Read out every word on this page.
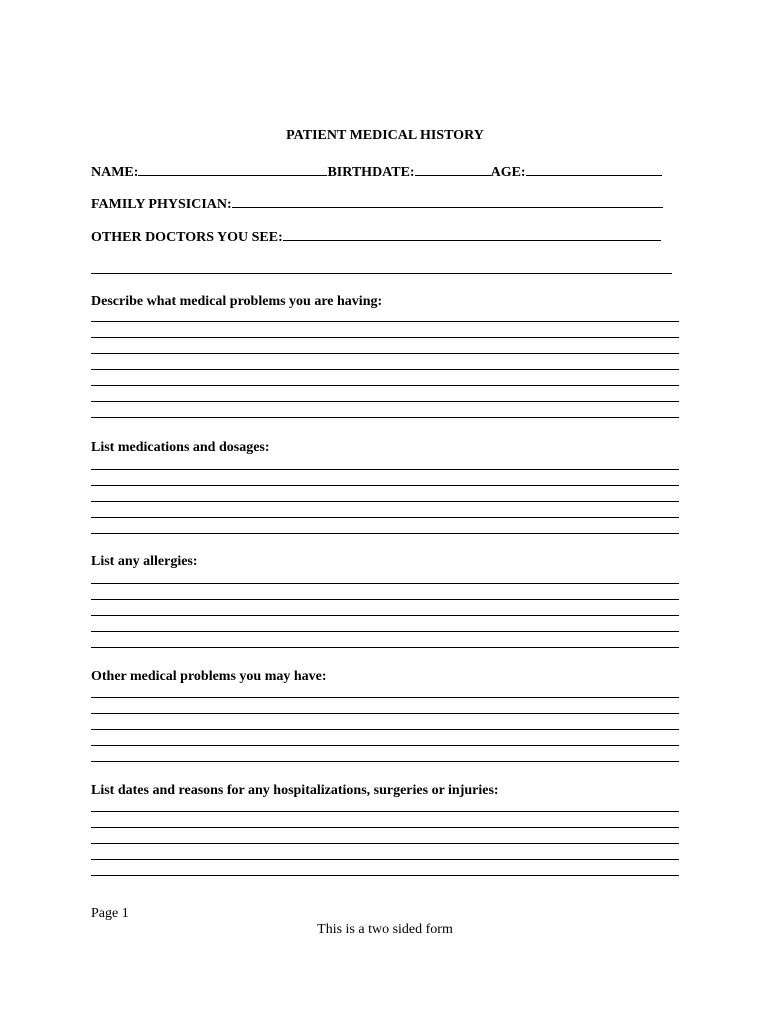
PATIENT MEDICAL HISTORY
NAME:	BIRTHDATE:	AGE:
FAMILY PHYSICIAN:
OTHER DOCTORS YOU SEE:
Describe what medical problems you are having:
List medications and dosages:
List any allergies:
Other medical problems you may have:
List dates and reasons for any hospitalizations, surgeries or injuries:
Page 1
This is a two sided form
